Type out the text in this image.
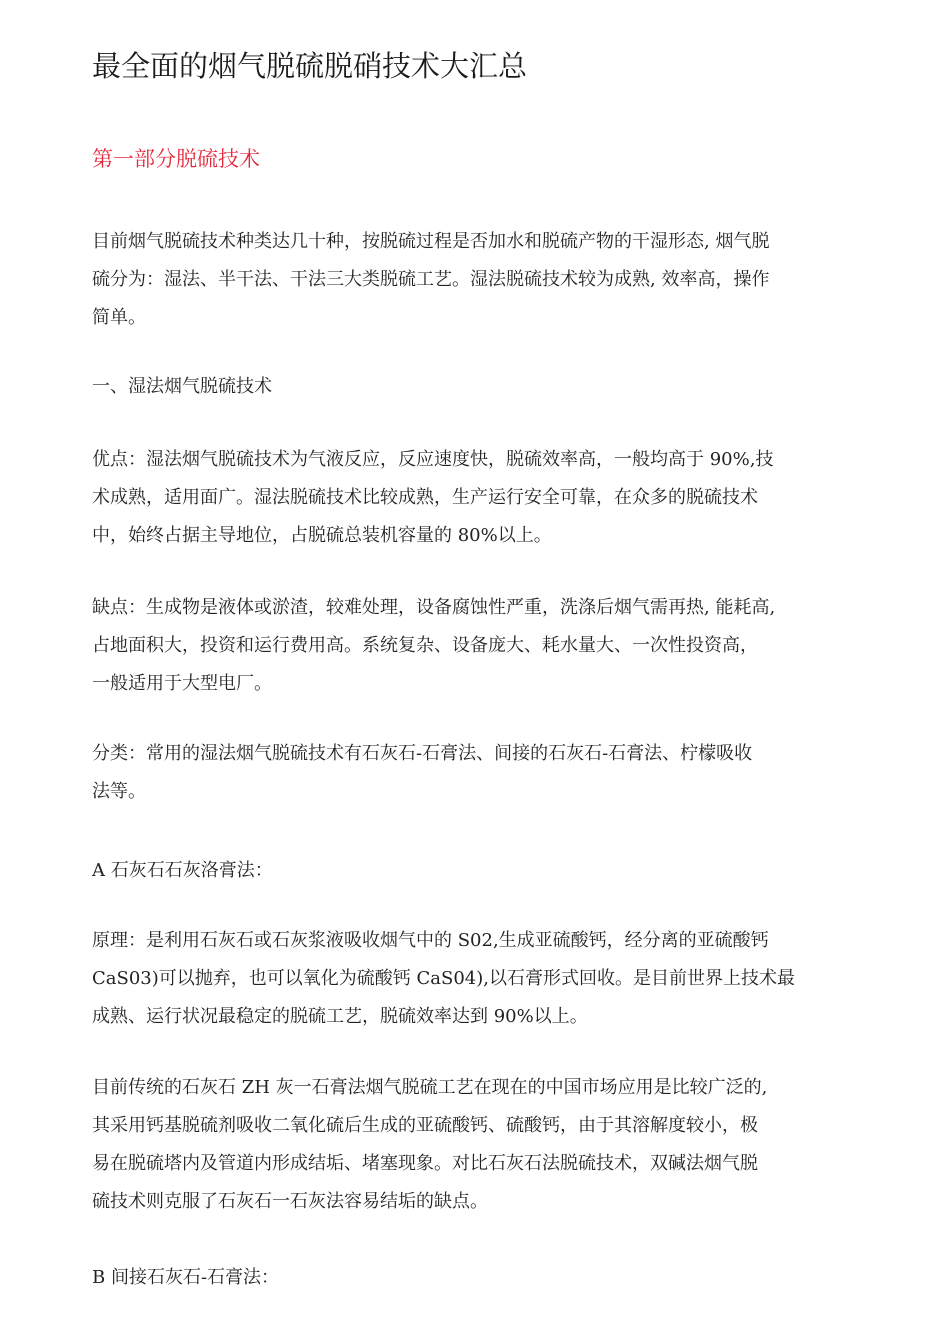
最全面的烟气脱硫脱硝技术大汇总
第一部分脱硫技术
目前烟气脱硫技术种类达几十种，按脱硫过程是否加水和脱硫产物的干湿形态, 烟气脱
硫分为：湿法、半干法、干法三大类脱硫工艺。湿法脱硫技术较为成熟, 效率高，操作
简单。
一、湿法烟气脱硫技术
优点：湿法烟气脱硫技术为气液反应，反应速度快，脱硫效率高，一般均高于 90%,技
术成熟，适用面广。湿法脱硫技术比较成熟，生产运行安全可靠，在众多的脱硫技术
中，始终占据主导地位，占脱硫总装机容量的 80%以上。
缺点：生成物是液体或淤渣，较难处理，设备腐蚀性严重，洗涤后烟气需再热, 能耗高,
占地面积大，投资和运行费用高。系统复杂、设备庞大、耗水量大、一次性投资高，
一般适用于大型电厂。
分类：常用的湿法烟气脱硫技术有石灰石-石膏法、间接的石灰石-石膏法、柠檬吸收
法等。
A 石灰石石灰洛膏法：
原理：是利用石灰石或石灰浆液吸收烟气中的 S02,生成亚硫酸钙，经分离的亚硫酸钙
CaS03)可以抛弃，也可以氧化为硫酸钙 CaS04),以石膏形式回收。是目前世界上技术最
成熟、运行状况最稳定的脱硫工艺，脱硫效率达到 90%以上。
目前传统的石灰石 ZH 灰一石膏法烟气脱硫工艺在现在的中国市场应用是比较广泛的,
其采用钙基脱硫剂吸收二氧化硫后生成的亚硫酸钙、硫酸钙，由于其溶解度较小，极
易在脱硫塔内及管道内形成结垢、堵塞现象。对比石灰石法脱硫技术，双碱法烟气脱
硫技术则克服了石灰石一石灰法容易结垢的缺点。
B 间接石灰石-石膏法：
